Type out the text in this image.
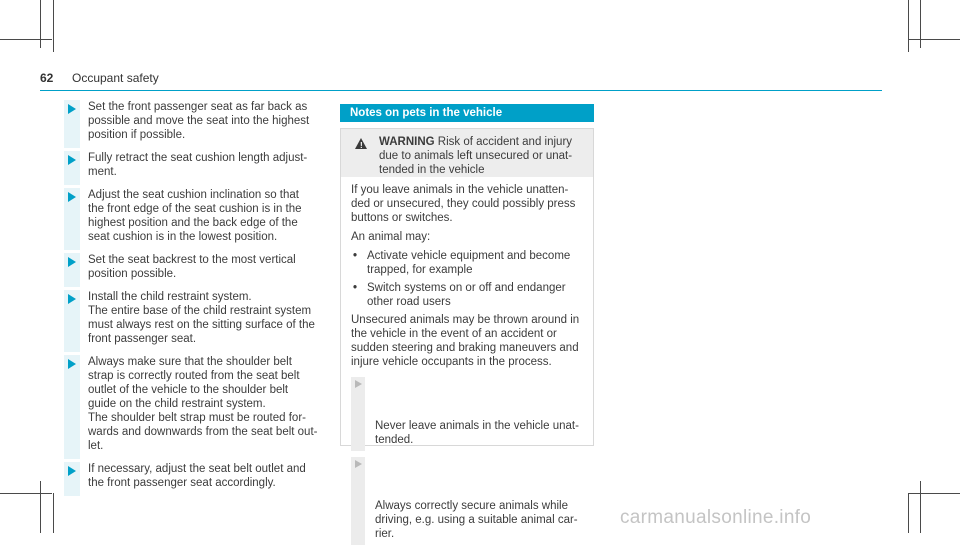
62 Occupant safety
Set the front passenger seat as far back as
possible and move the seat into the highest
position if possible.
Fully retract the seat cushion length adjust-
ment.
Adjust the seat cushion inclination so that
the front edge of the seat cushion is in the
highest position and the back edge of the
seat cushion is in the lowest position.
Set the seat backrest to the most vertical
position possible.
Install the child restraint system.
The entire base of the child restraint system
must always rest on the sitting surface of the
front passenger seat.
Always make sure that the shoulder belt
strap is correctly routed from the seat belt
outlet of the vehicle to the shoulder belt
guide on the child restraint system.
The shoulder belt strap must be routed for-
wards and downwards from the seat belt out-
let.
If necessary, adjust the seat belt outlet and
the front passenger seat accordingly.
Notes on pets in the vehicle
! WARNING Risk of accident and injury
due to animals left unsecured or unat-
tended in the vehicle
If you leave animals in the vehicle unatten-
ded or unsecured, they could possibly press
buttons or switches.
An animal may:
• Activate vehicle equipment and become
trapped, for example
• Switch systems on or off and endanger
other road users
Unsecured animals may be thrown around in
the vehicle in the event of an accident or
sudden steering and braking maneuvers and
injure vehicle occupants in the process.

Never leave animals in the vehicle unat-
tended.

Always correctly secure animals while
driving, e.g. using a suitable animal car-
rier.

carmanualsonline.info
